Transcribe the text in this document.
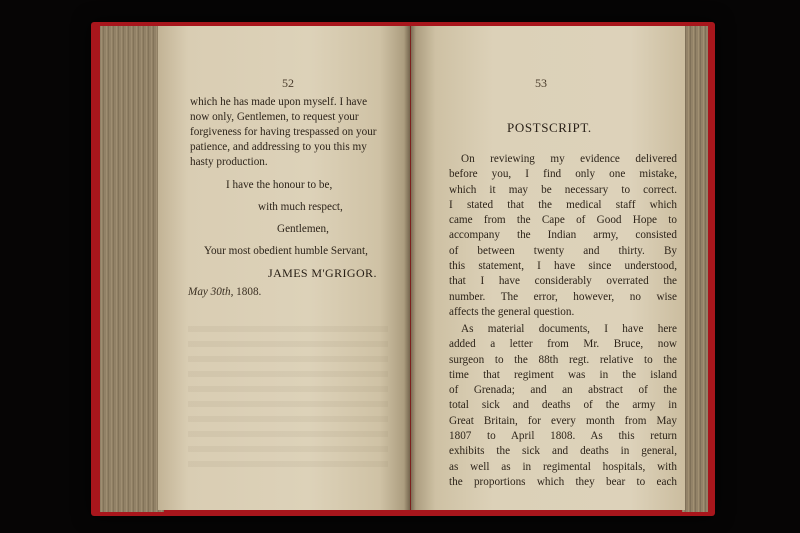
52
which he has made upon myself. I have
now only, Gentlemen, to request your
forgiveness for having trespassed on your
patience, and addressing to you this my
hasty production.
I have the honour to be,
with much respect,
Gentlemen,
Your most obedient humble Servant,
JAMES M'GRIGOR.
May 30th, 1808.
53
POSTSCRIPT.
On reviewing my evidence delivered
before you, I find only one mistake,
which it may be necessary to correct.
I stated that the medical staff which
came from the Cape of Good Hope to
accompany the Indian army, consisted
of between twenty and thirty. By
this statement, I have since understood,
that I have considerably overrated the
number. The error, however, no wise
affects the general question.
As material documents, I have here
added a letter from Mr. Bruce, now
surgeon to the 88th regt. relative to the
time that regiment was in the island
of Grenada; and an abstract of the
total sick and deaths of the army in
Great Britain, for every month from May
1807 to April 1808. As this return
exhibits the sick and deaths in general,
as well as in regimental hospitals, with
the proportions which they bear to each
